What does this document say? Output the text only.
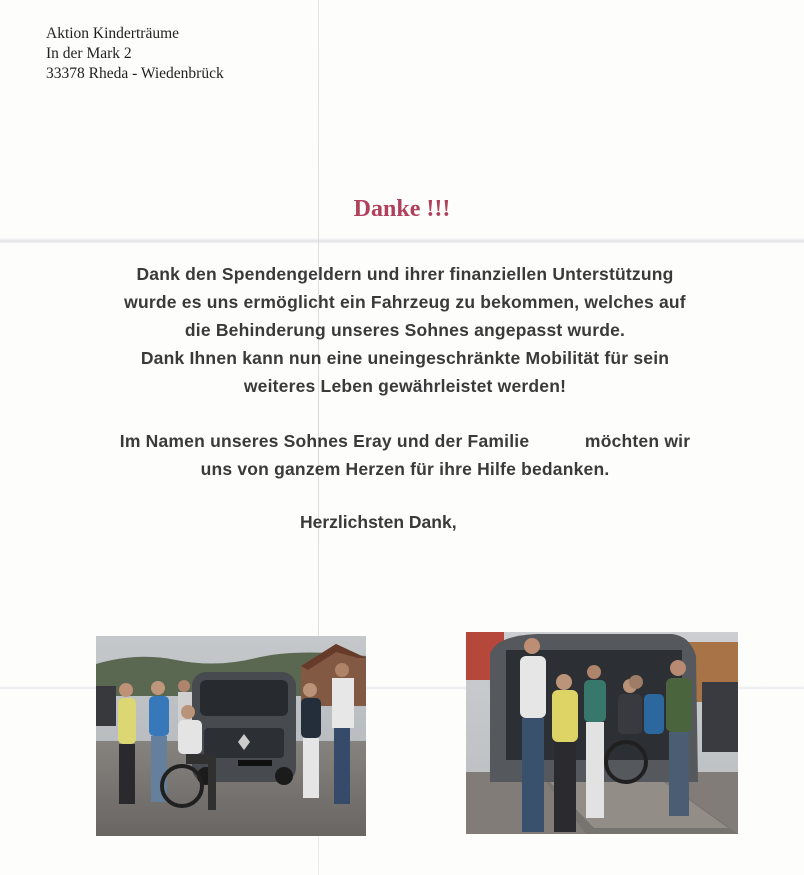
Aktion Kinderträume
In der Mark 2
33378 Rheda - Wiedenbrück
Danke !!!

Dank den Spendengeldern und ihrer finanziellen Unterstützung

wurde es uns ermöglicht ein Fahrzeug zu bekommen, welches auf

die Behinderung unseres Sohnes angepasst wurde.

Dank Ihnen kann nun eine uneingeschränkte Mobilität für sein

weiteres Leben gewährleistet werden!

Im Namen unseres Sohnes Eray und der Familie           möchten wir

uns von ganzem Herzen für ihre Hilfe bedanken.

Herzlichsten Dank,
